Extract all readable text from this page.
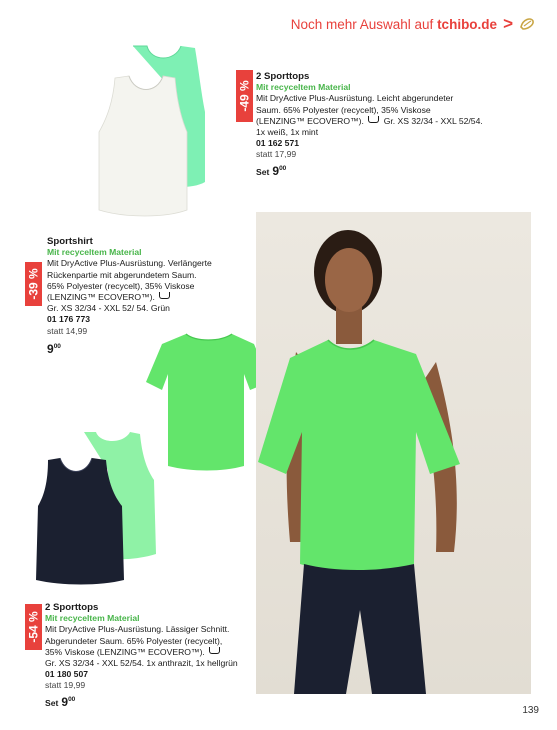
Noch mehr Auswahl auf tchibo.de >
-49 %
2 Sporttops
Mit recyceltem Material
Mit DryActive Plus-Ausrüstung. Leicht abgerundeter
Saum. 65% Polyester (recycelt), 35% Viskose
(LENZING™ ECOVERO™). Gr. XS 32/34 - XXL 52/54.
1x weiß, 1x mint
01 162 571
statt 17,99
Set $9^{00}$
-39 %
Sportshirt
Mit recyceltem Material
Mit DryActive Plus-Ausrüstung. Verlängerte
Rückenpartie mit abgerundetem Saum.
65% Polyester (recycelt), 35% Viskose
(LENZING™ ECOVERO™).
Gr. XS 32/34 - XXL 52/ 54. Grün
01 176 773
statt 14,99
$9^{00}$
-54 %
2 Sporttops
Mit recyceltem Material
Mit DryActive Plus-Ausrüstung. Lässiger Schnitt.
Abgerundeter Saum. 65% Polyester (recycelt),
35% Viskose (LENZING™ ECOVERO™).
Gr. XS 32/34 - XXL 52/54. 1x anthrazit, 1x hellgrün
01 180 507
statt 19,99
Set $9^{00}$
139
